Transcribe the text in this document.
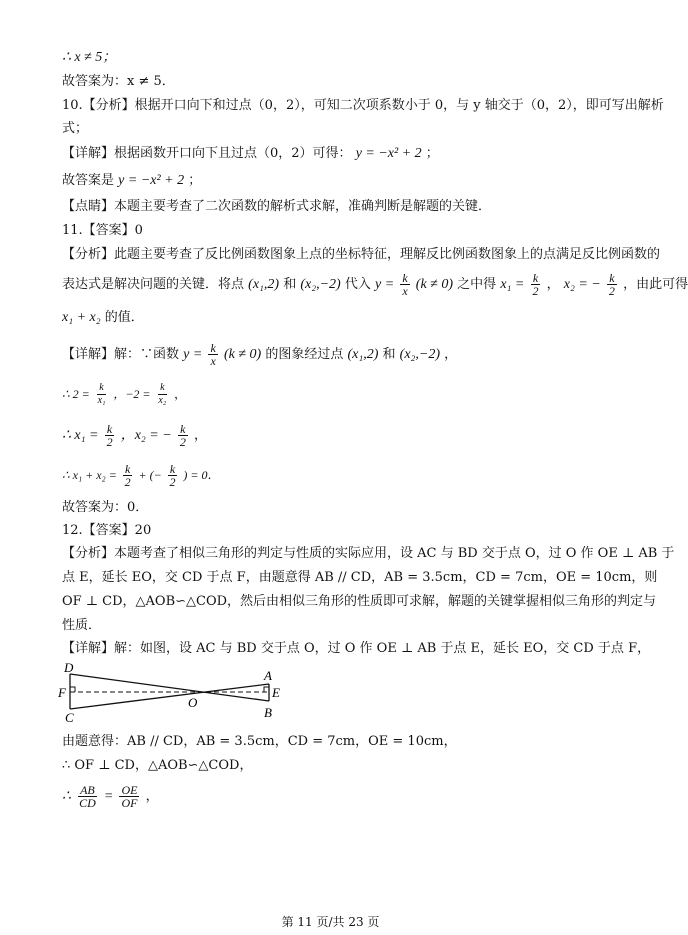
∴ x ≠ 5；
故答案为：x ≠ 5．
10.【分析】根据开口向下和过点（0，2），可知二次项系数小于 0，与 y 轴交于（0，2），即可写出解析
式；
【详解】根据函数开口向下且过点（0，2）可得： y = −x² + 2 ；
故答案是 y = −x² + 2 ；
【点睛】本题主要考查了二次函数的解析式求解，准确判断是解题的关键．
11.【答案】0
【分析】此题主要考查了反比例函数图象上点的坐标特征，理解反比例函数图象上的点满足反比例函数的
表达式是解决问题的关键．将点 (x₁,2) 和 (x₂,−2) 代入 $y = \frac{k}{x} (k \ne 0)$ 之中得 $x_1 = \frac{k}{2}$ ， x₂ = − $\frac{k}{2}$ ，由此可得
x₁ + x₂ 的值．
【详解】解：∵函数 $y = \frac{k}{x} (k \ne 0)$ 的图象经过点 (x₁,2) 和 (x₂,−2) ，
∴ $2 = \frac{k}{\text{x₁}}$ ，$-2 = \frac{k}{\text{x₂}}$ ，
∴ $x_1 = \frac{k}{2}$ ，x₂ = − $\frac{k}{2}$ ，
∴ $x_1 + x_2 = \frac{k}{2}$ + (− $\frac{k}{2}$ ) = 0．
故答案为：0．
12.【答案】20
【分析】本题考查了相似三角形的判定与性质的实际应用，设 AC 与 BD 交于点 O，过 O 作 OE ⊥ AB 于
点 E，延长 EO，交 CD 于点 F，由题意得 AB // CD，AB = 3.5cm，CD = 7cm，OE = 10cm，则
OF ⊥ CD，△AOB∽△COD，然后由相似三角形的性质即可求解，解题的关键掌握相似三角形的判定与
性质．
【详解】解：如图，设 AC 与 BD 交于点 O，过 O 作 OE ⊥ AB 于点 E，延长 EO，交 CD 于点 F，
D
F
C
O
A
E
B
由题意得：AB // CD，AB = 3.5cm，CD = 7cm，OE = 10cm，
∴ OF ⊥ CD，△AOB∽△COD，
∴ $\frac{AB}{CD} = \frac{OE}{OF}$ ，
第 11 页/共 23 页
